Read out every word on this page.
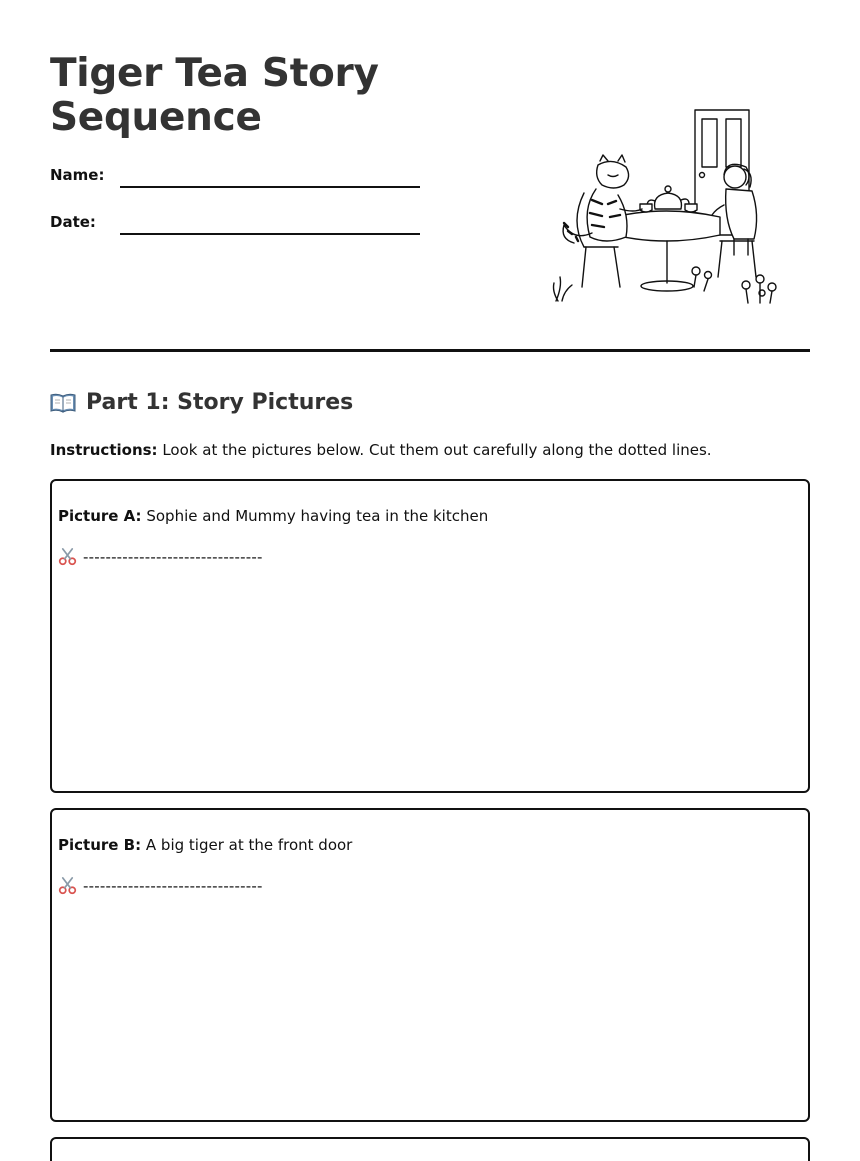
Tiger Tea Story Sequence
Name:
Date:
Part 1: Story Pictures
Instructions: Look at the pictures below. Cut them out carefully along the dotted lines.
Picture A: Sophie and Mummy having tea in the kitchen
--------------------------------
Picture B: A big tiger at the front door
--------------------------------
